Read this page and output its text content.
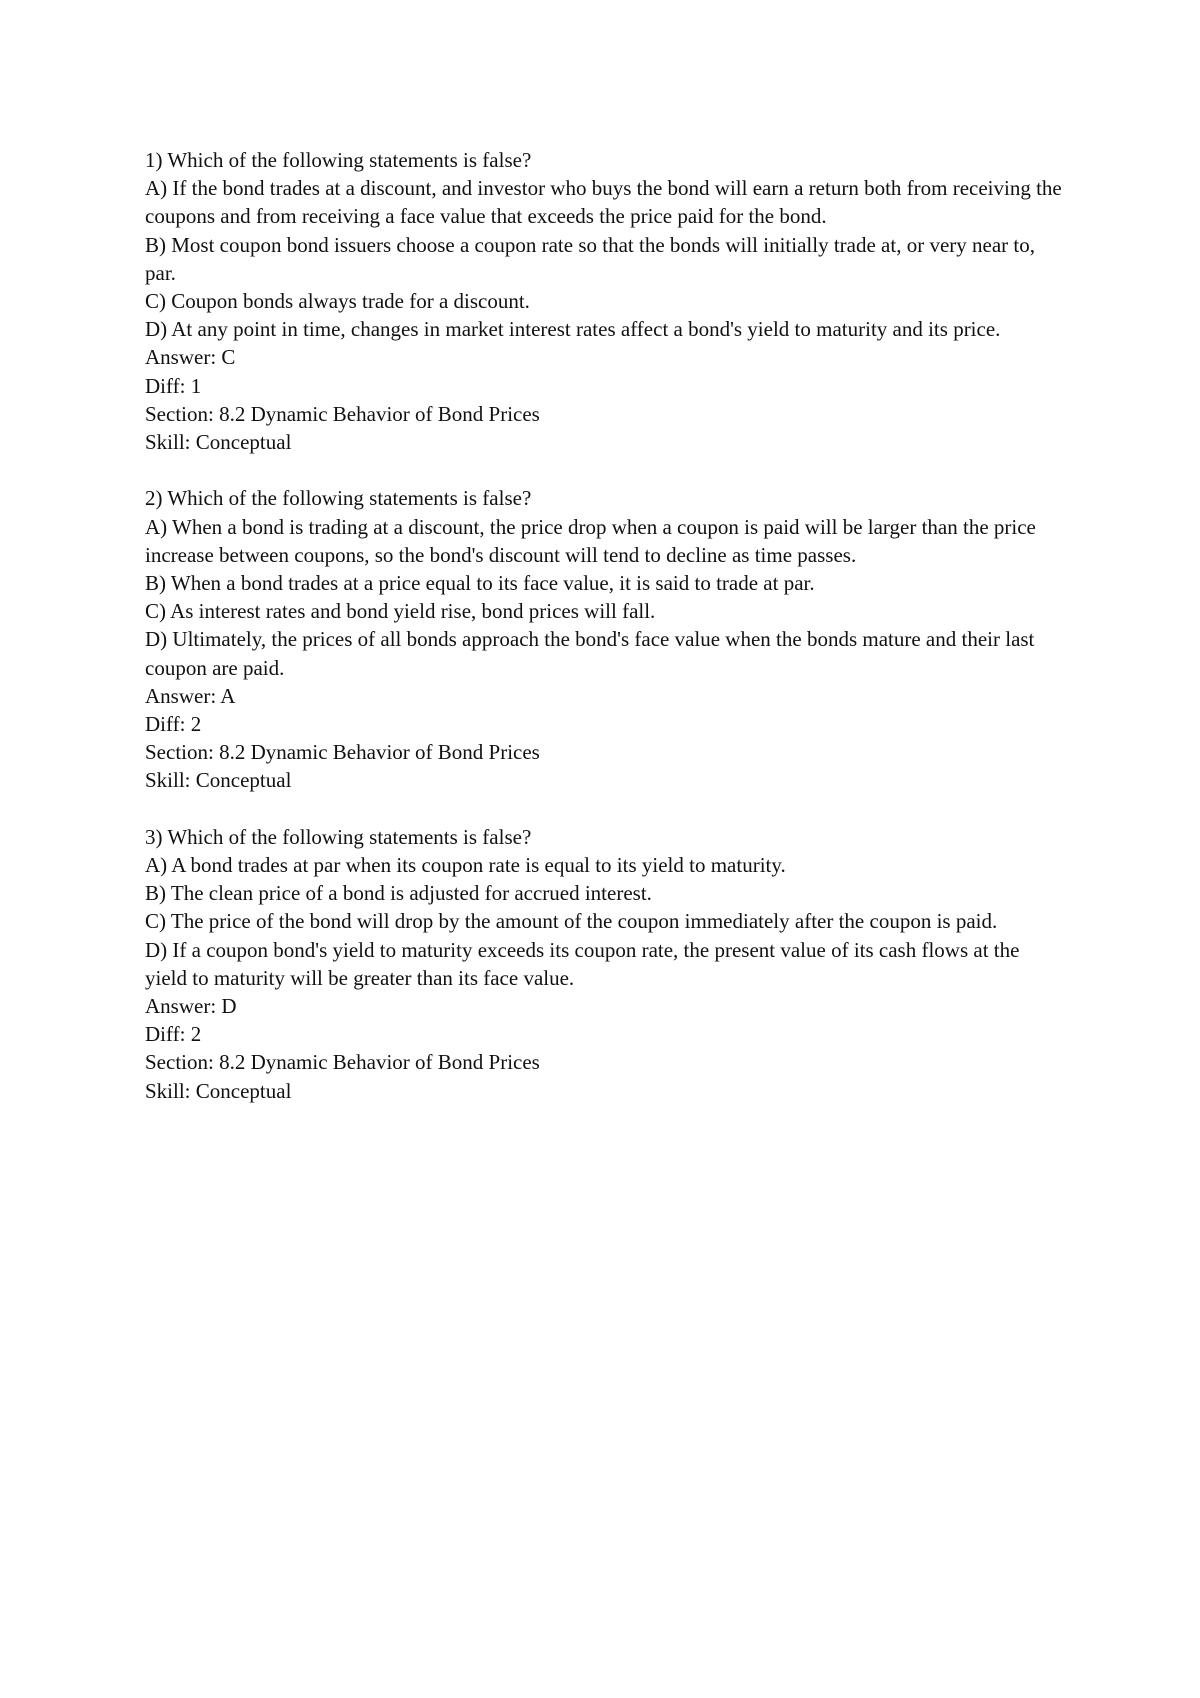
1) Which of the following statements is false?

A) If the bond trades at a discount, and investor who buys the bond will earn a return both from receiving the coupons and from receiving a face value that exceeds the price paid for the bond.

B) Most coupon bond issuers choose a coupon rate so that the bonds will initially trade at, or very near to, par.

C) Coupon bonds always trade for a discount.

D) At any point in time, changes in market interest rates affect a bond's yield to maturity and its price.

Answer: C

Diff: 1

Section: 8.2 Dynamic Behavior of Bond Prices

Skill: Conceptual

2) Which of the following statements is false?

A) When a bond is trading at a discount, the price drop when a coupon is paid will be larger than the price increase between coupons, so the bond's discount will tend to decline as time passes.

B) When a bond trades at a price equal to its face value, it is said to trade at par.

C) As interest rates and bond yield rise, bond prices will fall.

D) Ultimately, the prices of all bonds approach the bond's face value when the bonds mature and their last coupon are paid.

Answer: A

Diff: 2

Section: 8.2 Dynamic Behavior of Bond Prices

Skill: Conceptual

3) Which of the following statements is false?

A) A bond trades at par when its coupon rate is equal to its yield to maturity.

B) The clean price of a bond is adjusted for accrued interest.

C) The price of the bond will drop by the amount of the coupon immediately after the coupon is paid.

D) If a coupon bond's yield to maturity exceeds its coupon rate, the present value of its cash flows at the yield to maturity will be greater than its face value.

Answer: D

Diff: 2

Section: 8.2 Dynamic Behavior of Bond Prices

Skill: Conceptual
